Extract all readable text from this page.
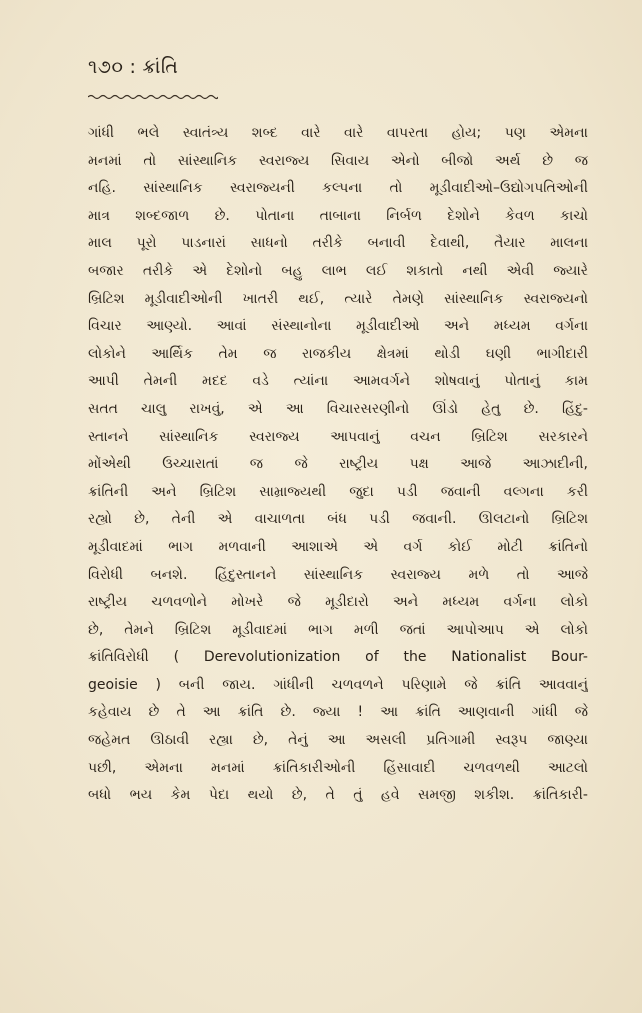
૧૭૦ : ક્રાંતિ
ગાંધી ભલે સ્વાતંત્ર્ય શબ્દ વારે વારે વાપરતા હોય; પણ એમના
મનમાં તો સાંસ્થાનિક સ્વરાજ્ય સિવાય એનો બીજો અર્થ છે જ
નહિ. સાંસ્થાનિક સ્વરાજ્યની કલ્પના તો મૂડીવાદીઓ–ઉદ્યોગપતિઓની
માત્ર શબ્દજાળ છે. પોતાના તાબાના નિર્બળ દેશોને કેવળ કાચો
માલ પૂરો પાડનારાં સાધનો તરીકે બનાવી દેવાથી, તૈયાર માલના
બજાર તરીકે એ દેશોનો બહુ લાભ લઈ શકાતો નથી એવી જ્યારે
બ્રિટિશ મૂડીવાદીઓની ખાતરી થઈ, ત્યારે તેમણે સાંસ્થાનિક સ્વરાજ્યનો
વિચાર આણ્યો. આવાં સંસ્થાનોના મૂડીવાદીઓ અને મધ્યમ વર્ગના
લોકોને આર્થિક તેમ જ રાજકીય ક્ષેત્રમાં થોડી ઘણી ભાગીદારી
આપી તેમની મદદ વડે ત્યાંના આમવર્ગને શોષવાનું પોતાનું કામ
સતત ચાલુ રાખવું, એ આ વિચારસરણીનો ઊંડો હેતુ છે. હિંદુ-
સ્તાનને સાંસ્થાનિક સ્વરાજ્ય આપવાનું વચન બ્રિટિશ સરકારને
મોંએથી ઉચ્ચારાતાં જ જે રાષ્ટ્રીય પક્ષ આજે આઝાદીની,
ક્રાંતિની અને બ્રિટિશ સામ્રાજ્યથી જુદા પડી જવાની વલ્ગના કરી
રહ્યો છે, તેની એ વાચાળતા બંધ પડી જવાની. ઊલટાનો બ્રિટિશ
મૂડીવાદમાં ભાગ મળવાની આશાએ એ વર્ગ કોઈ મોટી ક્રાંતિનો
વિરોધી બનશે. હિંદુસ્તાનને સાંસ્થાનિક સ્વરાજ્ય મળે તો આજે
રાષ્ટ્રીય ચળવળોને મોખરે જે મૂડીદારો અને મધ્યમ વર્ગના લોકો
છે, તેમને બ્રિટિશ મૂડીવાદમાં ભાગ મળી જતાં આપોઆપ એ લોકો
ક્રાંતિવિરોધી ( Derevolutionization of the Nationalist Bour-
geoisie ) બની જાય. ગાંધીની ચળવળને પરિણામે જે ક્રાંતિ આવવાનું
કહેવાય છે તે આ ક્રાંતિ છે. જ્યા ! આ ક્રાંતિ આણવાની ગાંધી જે
જહેમત ઊઠાવી રહ્યા છે, તેનું આ અસલી પ્રતિગામી સ્વરૂપ જાણ્યા
પછી, એમના મનમાં ક્રાંતિકારીઓની હિંસાવાદી ચળવળથી આટલો
બધો ભય કેમ પેદા થયો છે, તે તું હવે સમજી શકીશ. ક્રાંતિકારી-
